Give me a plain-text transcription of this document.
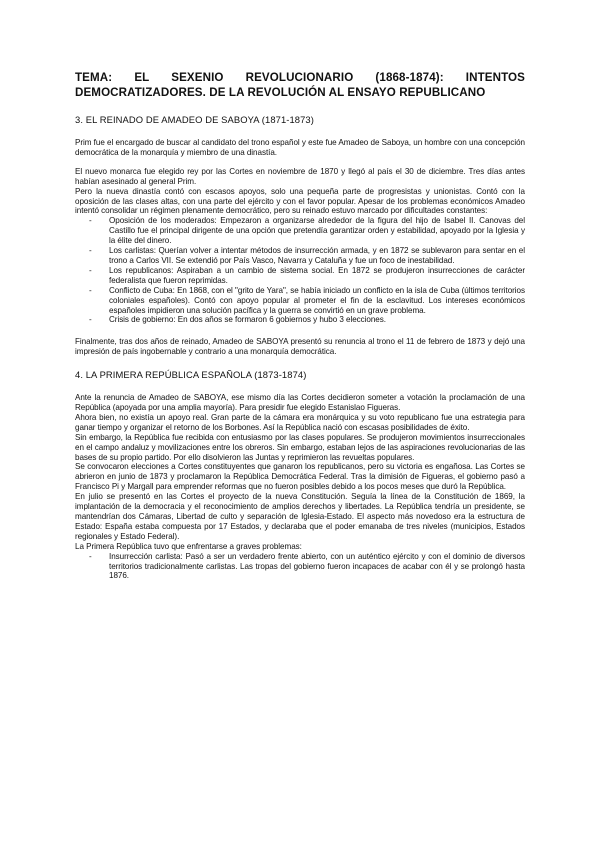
TEMA: EL SEXENIO REVOLUCIONARIO (1868-1874): INTENTOS DEMOCRATIZADORES. DE LA REVOLUCIÓN AL ENSAYO REPUBLICANO
3. EL REINADO DE AMADEO DE SABOYA (1871-1873)

Prim fue el encargado de buscar al candidato del trono español y este fue Amadeo de Saboya, un hombre con una concepción democrática de la monarquía y miembro de una dinastía.

El nuevo monarca fue elegido rey por las Cortes en noviembre de 1870 y llegó al país el 30 de diciembre. Tres días antes habían asesinado al general Prim.

Pero la nueva dinastía contó con escasos apoyos, solo una pequeña parte de progresistas y unionistas. Contó con la oposición de las clases altas, con una parte del ejército y con el favor popular. Apesar de los problemas económicos Amadeo intentó consolidar un régimen plenamente democrático, pero su reinado estuvo marcado por dificultades constantes:

- Oposición de los moderados: Empezaron a organizarse alrededor de la figura del hijo de Isabel II. Canovas del Castillo fue el principal dirigente de una opción que pretendía garantizar orden y estabilidad, apoyado por la Iglesia y la élite del dinero.
- Los carlistas: Querían volver a intentar métodos de insurrección armada, y en 1872 se sublevaron para sentar en el trono a Carlos VII. Se extendió por País Vasco, Navarra y Cataluña y fue un foco de inestabilidad.
- Los republicanos: Aspiraban a un cambio de sistema social. En 1872 se produjeron insurrecciones de carácter federalista que fueron reprimidas.
- Conflicto de Cuba: En 1868, con el "grito de Yara", se había iniciado un conflicto en la isla de Cuba (últimos territorios coloniales españoles). Contó con apoyo popular al prometer el fin de la esclavitud. Los intereses económicos españoles impidieron una solución pacífica y la guerra se convirtió en un grave problema.
- Crisis de gobierno: En dos años se formaron 6 gobiernos y hubo 3 elecciones.

Finalmente, tras dos años de reinado, Amadeo de SABOYA presentó su renuncia al trono el 11 de febrero de 1873 y dejó una impresión de país ingobernable y contrario a una monarquía democrática.

4. LA PRIMERA REPÚBLICA ESPAÑOLA (1873-1874)

Ante la renuncia de Amadeo de SABOYA, ese mismo día las Cortes decidieron someter a votación la proclamación de una República (apoyada por una amplia mayoría). Para presidir fue elegido Estanislao Figueras.

Ahora bien, no existía un apoyo real. Gran parte de la cámara era monárquica y su voto republicano fue una estrategia para ganar tiempo y organizar el retorno de los Borbones. Así la República nació con escasas posibilidades de éxito.

Sin embargo, la República fue recibida con entusiasmo por las clases populares. Se produjeron movimientos insurreccionales en el campo andaluz y movilizaciones entre los obreros. Sin embargo, estaban lejos de las aspiraciones revolucionarias de las bases de su propio partido. Por ello disolvieron las Juntas y reprimieron las revueltas populares.

Se convocaron elecciones a Cortes constituyentes que ganaron los republicanos, pero su victoria es engañosa. Las Cortes se abrieron en junio de 1873 y proclamaron la República Democrática Federal. Tras la dimisión de Figueras, el gobierno pasó a Francisco Pi y Margall para emprender reformas que no fueron posibles debido a los pocos meses que duró la República.

En julio se presentó en las Cortes el proyecto de la nueva Constitución. Seguía la línea de la Constitución de 1869, la implantación de la democracia y el reconocimiento de amplios derechos y libertades. La República tendría un presidente, se mantendrían dos Cámaras, Libertad de culto y separación de Iglesia-Estado. El aspecto más novedoso era la estructura de Estado: España estaba compuesta por 17 Estados, y declaraba que el poder emanaba de tres niveles (municipios, Estados regionales y Estado Federal).

La Primera República tuvo que enfrentarse a graves problemas:

- Insurrección carlista: Pasó a ser un verdadero frente abierto, con un auténtico ejército y con el dominio de diversos territorios tradicionalmente carlistas. Las tropas del gobierno fueron incapaces de acabar con él y se prolongó hasta 1876.
